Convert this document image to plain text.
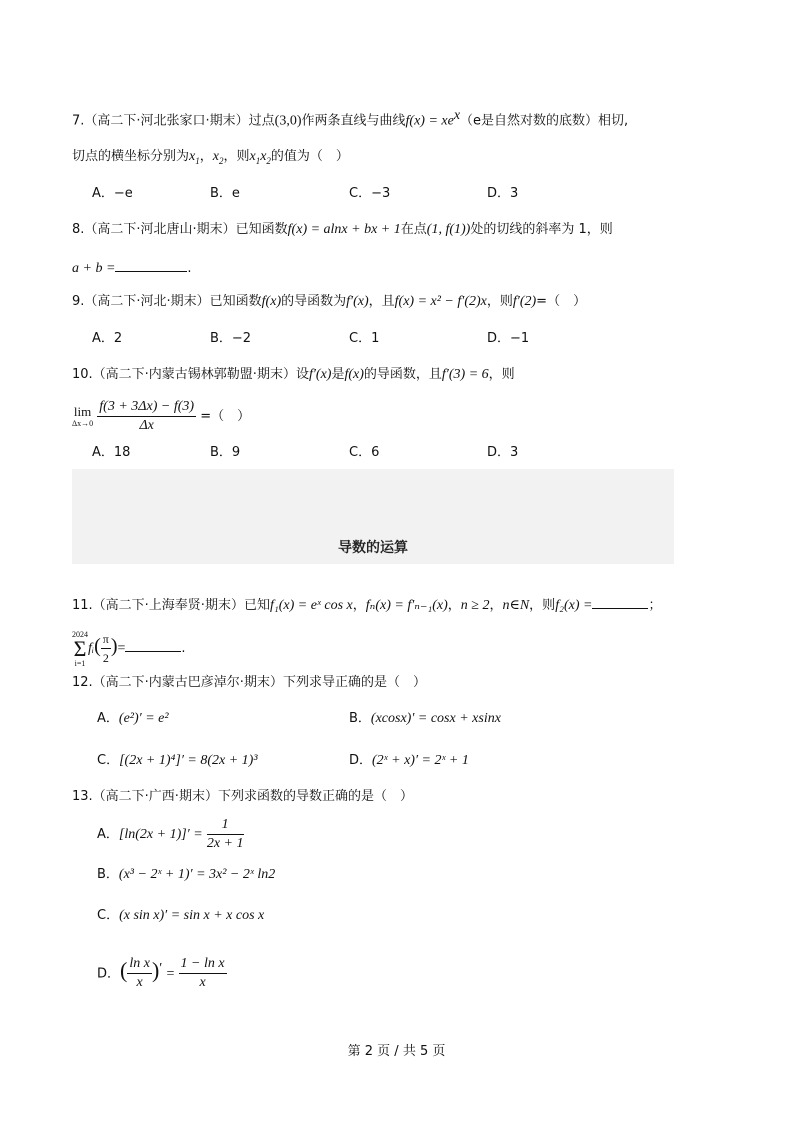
7.（高二下·河北张家口·期末）过点(3,0)作两条直线与曲线$f(x) = xe^x(e$是自然对数的底数）相切,
切点的横坐标分别为$x_1$，$x_2$，则$x_1x_2$的值为（　）
A．−e	B．e	C．−3	D．3
8.（高二下·河北唐山·期末）已知函数f(x) = alnx + bx + 1在点(1, f(1))处的切线的斜率为 1，则
a + b =	.
9.（高二下·河北·期末）已知函数f(x)的导函数为f′(x)，且f(x) = x² − f′(2)x，则f′(2)=（　）
A．2	B．−2	C．1	D．−1
10.（高二下·内蒙古锡林郭勒盟·期末）设f′(x)是f(x)的导函数，且f′(3) = 6，则
lim
Δx→0
$\frac{f(3 + 3\Delta x) - f(3)}{\Delta x}$ =（　）
A．18	B．9	C．6	D．3
导数的运算
11.（高二下·上海奉贤·期末）已知f₁(x) = eˣ cos x，fₙ(x) = f′ₙ₋₁(x)，n ≥ 2，n∈N，则f₂(x) =	；
2024
Σ
i=1
fᵢ( $\frac{\pi}{2}$ )=	.
12.（高二下·内蒙古巴彦淖尔·期末）下列求导正确的是（　）
A．(e²)′ = e²	B．(xcosx)′ = cosx + xsinx
C．[(2x + 1)⁴]′ = 8(2x + 1)³	D．(2ˣ + x)′ = 2ˣ + 1
13.（高二下·广西·期末）下列求函数的导数正确的是（　）
A．$[\ln(2x + 1)]' = \frac{1}{2x + 1}$
B．(x³ − 2ˣ + 1)′ = 3x² − 2ˣ ln2
C．(x sin x)′ = sin x + x cos x
D．( $\frac{\text{ln x}}{x} )' = \frac{\text{1 − ln x}}{x}$
第 2 页 / 共 5 页
